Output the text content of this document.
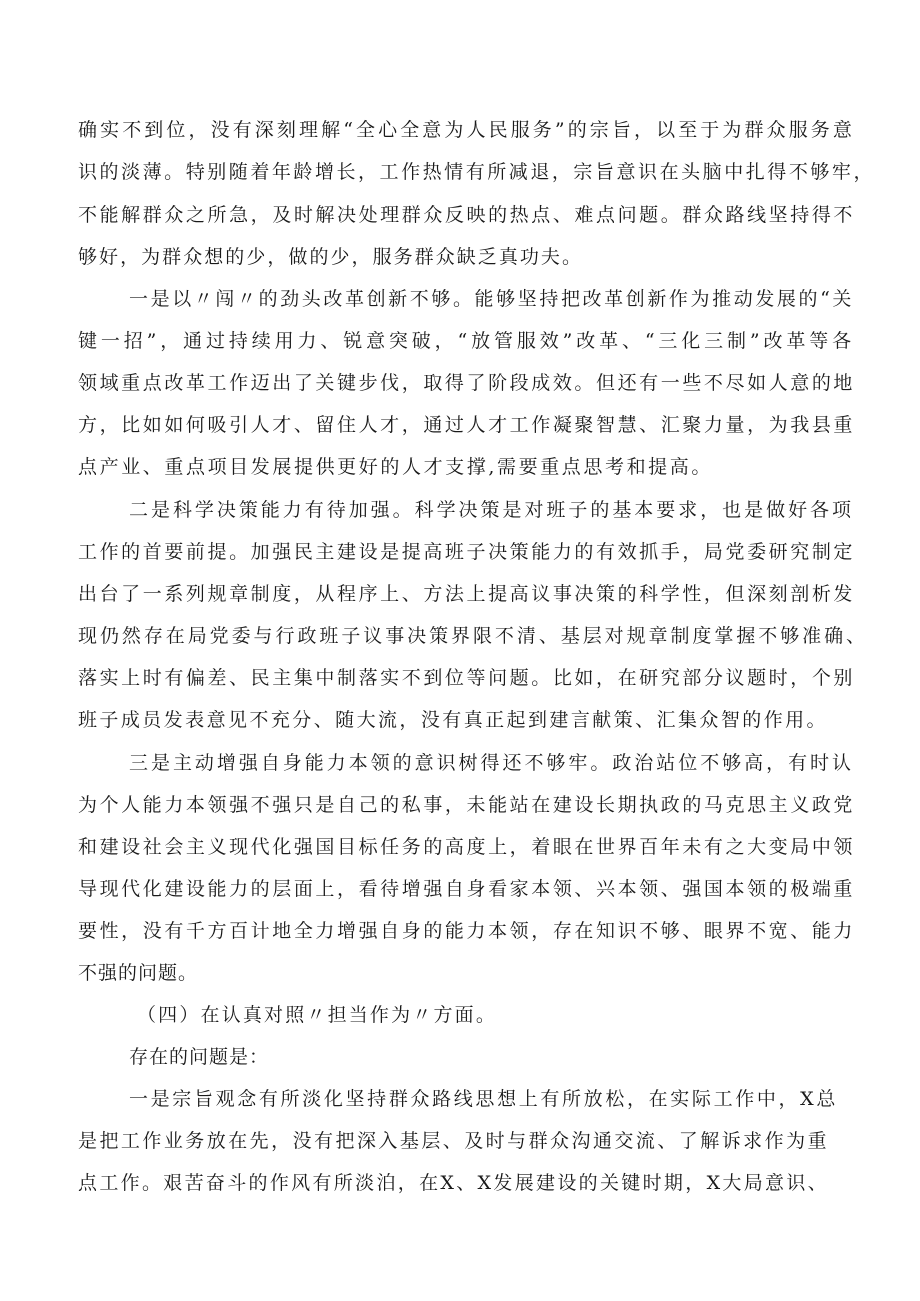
确实不到位，没有深刻理解“全心全意为人民服务”的宗旨，以至于为群众服务意
识的淡薄。特别随着年龄增长，工作热情有所减退，宗旨意识在头脑中扎得不够牢，
不能解群众之所急，及时解决处理群众反映的热点、难点问题。群众路线坚持得不
够好，为群众想的少，做的少，服务群众缺乏真功夫。
一是以〃闯〃的劲头改革创新不够。能够坚持把改革创新作为推动发展的“关
键一招”，通过持续用力、锐意突破，“放管服效”改革、“三化三制”改革等各
领域重点改革工作迈出了关键步伐，取得了阶段成效。但还有一些不尽如人意的地
方，比如如何吸引人才、留住人才，通过人才工作凝聚智慧、汇聚力量，为我县重
点产业、重点项目发展提供更好的人才支撑,需要重点思考和提高。
二是科学决策能力有待加强。科学决策是对班子的基本要求，也是做好各项
工作的首要前提。加强民主建设是提高班子决策能力的有效抓手，局党委研究制定
出台了一系列规章制度，从程序上、方法上提高议事决策的科学性，但深刻剖析发
现仍然存在局党委与行政班子议事决策界限不清、基层对规章制度掌握不够准确、
落实上时有偏差、民主集中制落实不到位等问题。比如，在研究部分议题时，个别
班子成员发表意见不充分、随大流，没有真正起到建言献策、汇集众智的作用。
三是主动增强自身能力本领的意识树得还不够牢。政治站位不够高，有时认
为个人能力本领强不强只是自己的私事，未能站在建设长期执政的马克思主义政党
和建设社会主义现代化强国目标任务的高度上，着眼在世界百年未有之大变局中领
导现代化建设能力的层面上，看待增强自身看家本领、兴本领、强国本领的极端重
要性，没有千方百计地全力增强自身的能力本领，存在知识不够、眼界不宽、能力
不强的问题。
（四）在认真对照〃担当作为〃方面。
存在的问题是：
一是宗旨观念有所淡化坚持群众路线思想上有所放松，在实际工作中，X总
是把工作业务放在先，没有把深入基层、及时与群众沟通交流、了解诉求作为重
点工作。艰苦奋斗的作风有所淡泊，在X、X发展建设的关键时期，X大局意识、
